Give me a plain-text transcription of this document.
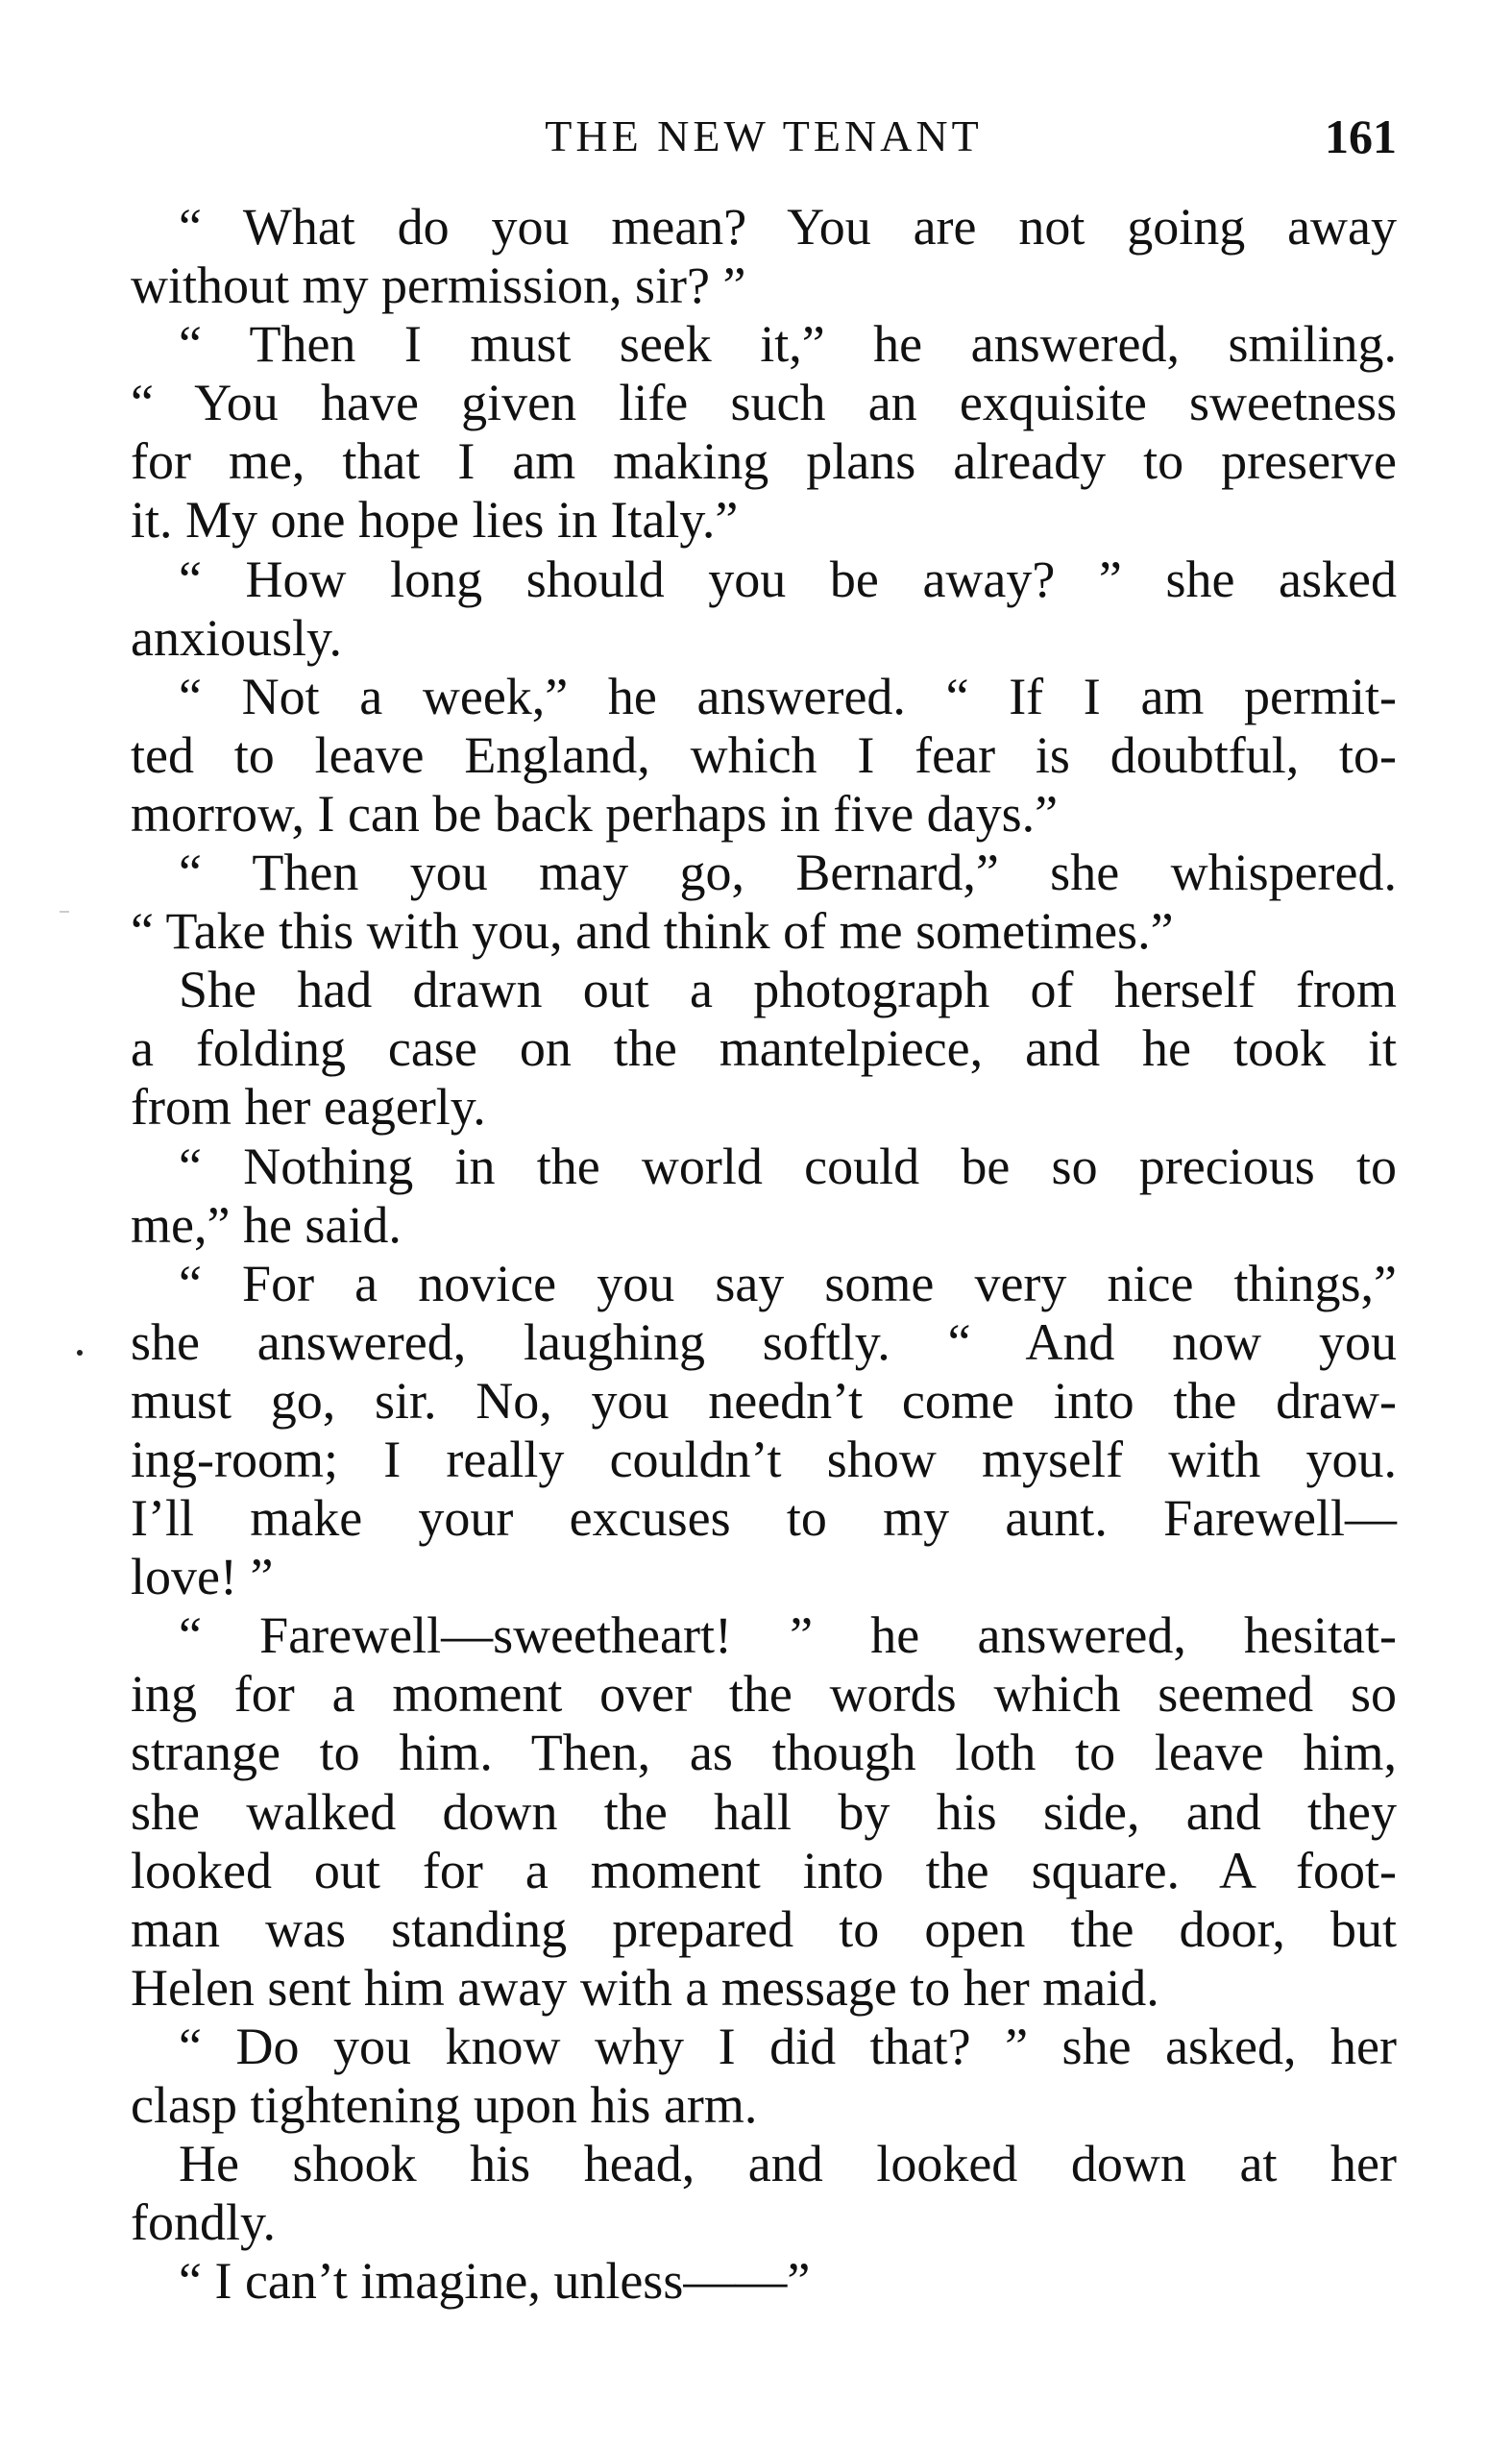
THE NEW TENANT	161
“ What do you mean? You are not going away
without my permission, sir? ”
“ Then I must seek it,” he answered, smiling.
“ You have given life such an exquisite sweetness
for me, that I am making plans already to preserve
it. My one hope lies in Italy.”
“ How long should you be away? ” she asked
anxiously.
“ Not a week,” he answered. “ If I am permit-
ted to leave England, which I fear is doubtful, to-
morrow, I can be back perhaps in five days.”
“ Then you may go, Bernard,” she whispered.
“ Take this with you, and think of me sometimes.”
She had drawn out a photograph of herself from
a folding case on the mantelpiece, and he took it
from her eagerly.
“ Nothing in the world could be so precious to
me,” he said.
“ For a novice you say some very nice things,”
she answered, laughing softly. “ And now you
must go, sir. No, you needn’t come into the draw-
ing-room; I really couldn’t show myself with you.
I’ll make your excuses to my aunt. Farewell—
love! ”
“ Farewell—sweetheart! ” he answered, hesitat-
ing for a moment over the words which seemed so
strange to him. Then, as though loth to leave him,
she walked down the hall by his side, and they
looked out for a moment into the square. A foot-
man was standing prepared to open the door, but
Helen sent him away with a message to her maid.
“ Do you know why I did that? ” she asked, her
clasp tightening upon his arm.
He shook his head, and looked down at her
fondly.
“ I can’t imagine, unless——”
